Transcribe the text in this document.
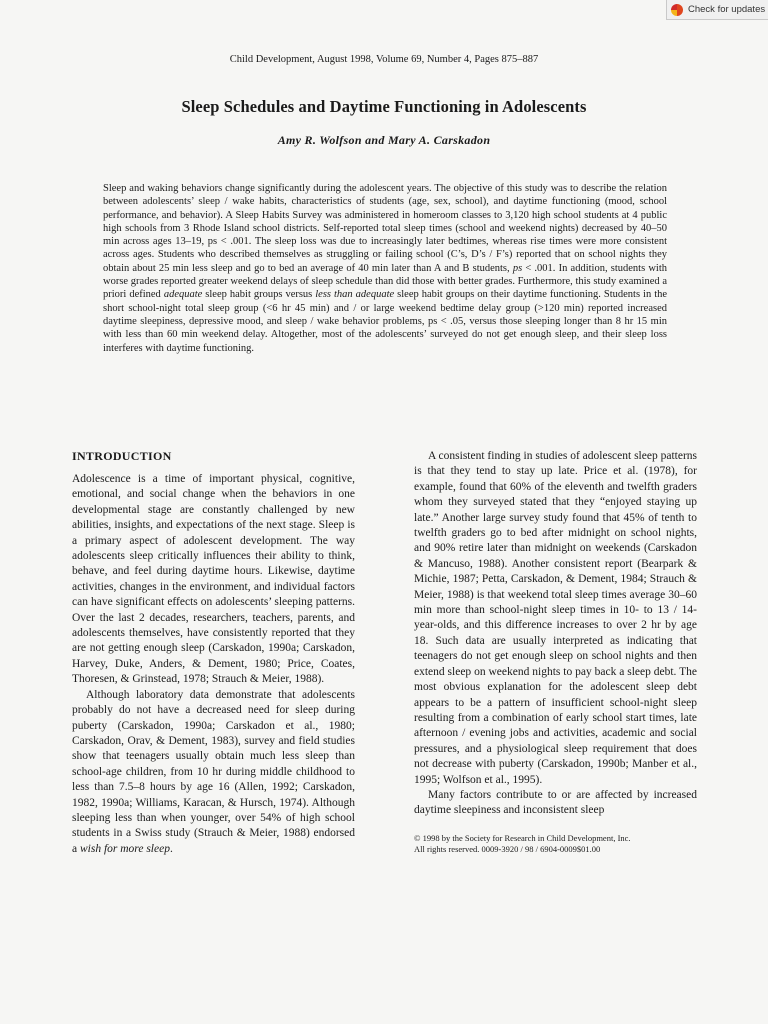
Check for updates
Child Development, August 1998, Volume 69, Number 4, Pages 875–887
Sleep Schedules and Daytime Functioning in Adolescents
Amy R. Wolfson and Mary A. Carskadon
Sleep and waking behaviors change significantly during the adolescent years. The objective of this study was to describe the relation between adolescents’ sleep / wake habits, characteristics of students (age, sex, school), and daytime functioning (mood, school performance, and behavior). A Sleep Habits Survey was administered in homeroom classes to 3,120 high school students at 4 public high schools from 3 Rhode Island school districts. Self-reported total sleep times (school and weekend nights) decreased by 40–50 min across ages 13–19, ps < .001. The sleep loss was due to increasingly later bedtimes, whereas rise times were more consistent across ages. Students who described themselves as struggling or failing school (C’s, D’s / F’s) reported that on school nights they obtain about 25 min less sleep and go to bed an average of 40 min later than A and B students, ps < .001. In addition, students with worse grades reported greater weekend delays of sleep schedule than did those with better grades. Furthermore, this study examined a priori defined adequate sleep habit groups versus less than adequate sleep habit groups on their daytime functioning. Students in the short school-night total sleep group (<6 hr 45 min) and / or large weekend bedtime delay group (>120 min) reported increased daytime sleepiness, depressive mood, and sleep / wake behavior problems, ps < .05, versus those sleeping longer than 8 hr 15 min with less than 60 min weekend delay. Altogether, most of the adolescents’ surveyed do not get enough sleep, and their sleep loss interferes with daytime functioning.
INTRODUCTION

Adolescence is a time of important physical, cognitive, emotional, and social change when the behaviors in one developmental stage are constantly challenged by new abilities, insights, and expectations of the next stage. Sleep is a primary aspect of adolescent development. The way adolescents sleep critically influences their ability to think, behave, and feel during daytime hours. Likewise, daytime activities, changes in the environment, and individual factors can have significant effects on adolescents’ sleeping patterns. Over the last 2 decades, researchers, teachers, parents, and adolescents themselves, have consistently reported that they are not getting enough sleep (Carskadon, 1990a; Carskadon, Harvey, Duke, Anders, & Dement, 1980; Price, Coates, Thoresen, & Grinstead, 1978; Strauch & Meier, 1988).

Although laboratory data demonstrate that adolescents probably do not have a decreased need for sleep during puberty (Carskadon, 1990a; Carskadon et al., 1980; Carskadon, Orav, & Dement, 1983), survey and field studies show that teenagers usually obtain much less sleep than school-age children, from 10 hr during middle childhood to less than 7.5–8 hours by age 16 (Allen, 1992; Carskadon, 1982, 1990a; Williams, Karacan, & Hursch, 1974). Although sleeping less than when younger, over 54% of high school students in a Swiss study (Strauch & Meier, 1988) endorsed a wish for more sleep.

A consistent finding in studies of adolescent sleep patterns is that they tend to stay up late. Price et al. (1978), for example, found that 60% of the eleventh and twelfth graders whom they surveyed stated that they “enjoyed staying up late.” Another large survey study found that 45% of tenth to twelfth graders go to bed after midnight on school nights, and 90% retire later than midnight on weekends (Carskadon & Mancuso, 1988). Another consistent report (Bearpark & Michie, 1987; Petta, Carskadon, & Dement, 1984; Strauch & Meier, 1988) is that weekend total sleep times average 30–60 min more than school-night sleep times in 10- to 13 / 14-year-olds, and this difference increases to over 2 hr by age 18. Such data are usually interpreted as indicating that teenagers do not get enough sleep on school nights and then extend sleep on weekend nights to pay back a sleep debt. The most obvious explanation for the adolescent sleep debt appears to be a pattern of insufficient school-night sleep resulting from a combination of early school start times, late afternoon / evening jobs and activities, academic and social pressures, and a physiological sleep requirement that does not decrease with puberty (Carskadon, 1990b; Manber et al., 1995; Wolfson et al., 1995).

Many factors contribute to or are affected by increased daytime sleepiness and inconsistent sleep

© 1998 by the Society for Research in Child Development, Inc.
All rights reserved. 0009-3920 / 98 / 6904-0009$01.00
